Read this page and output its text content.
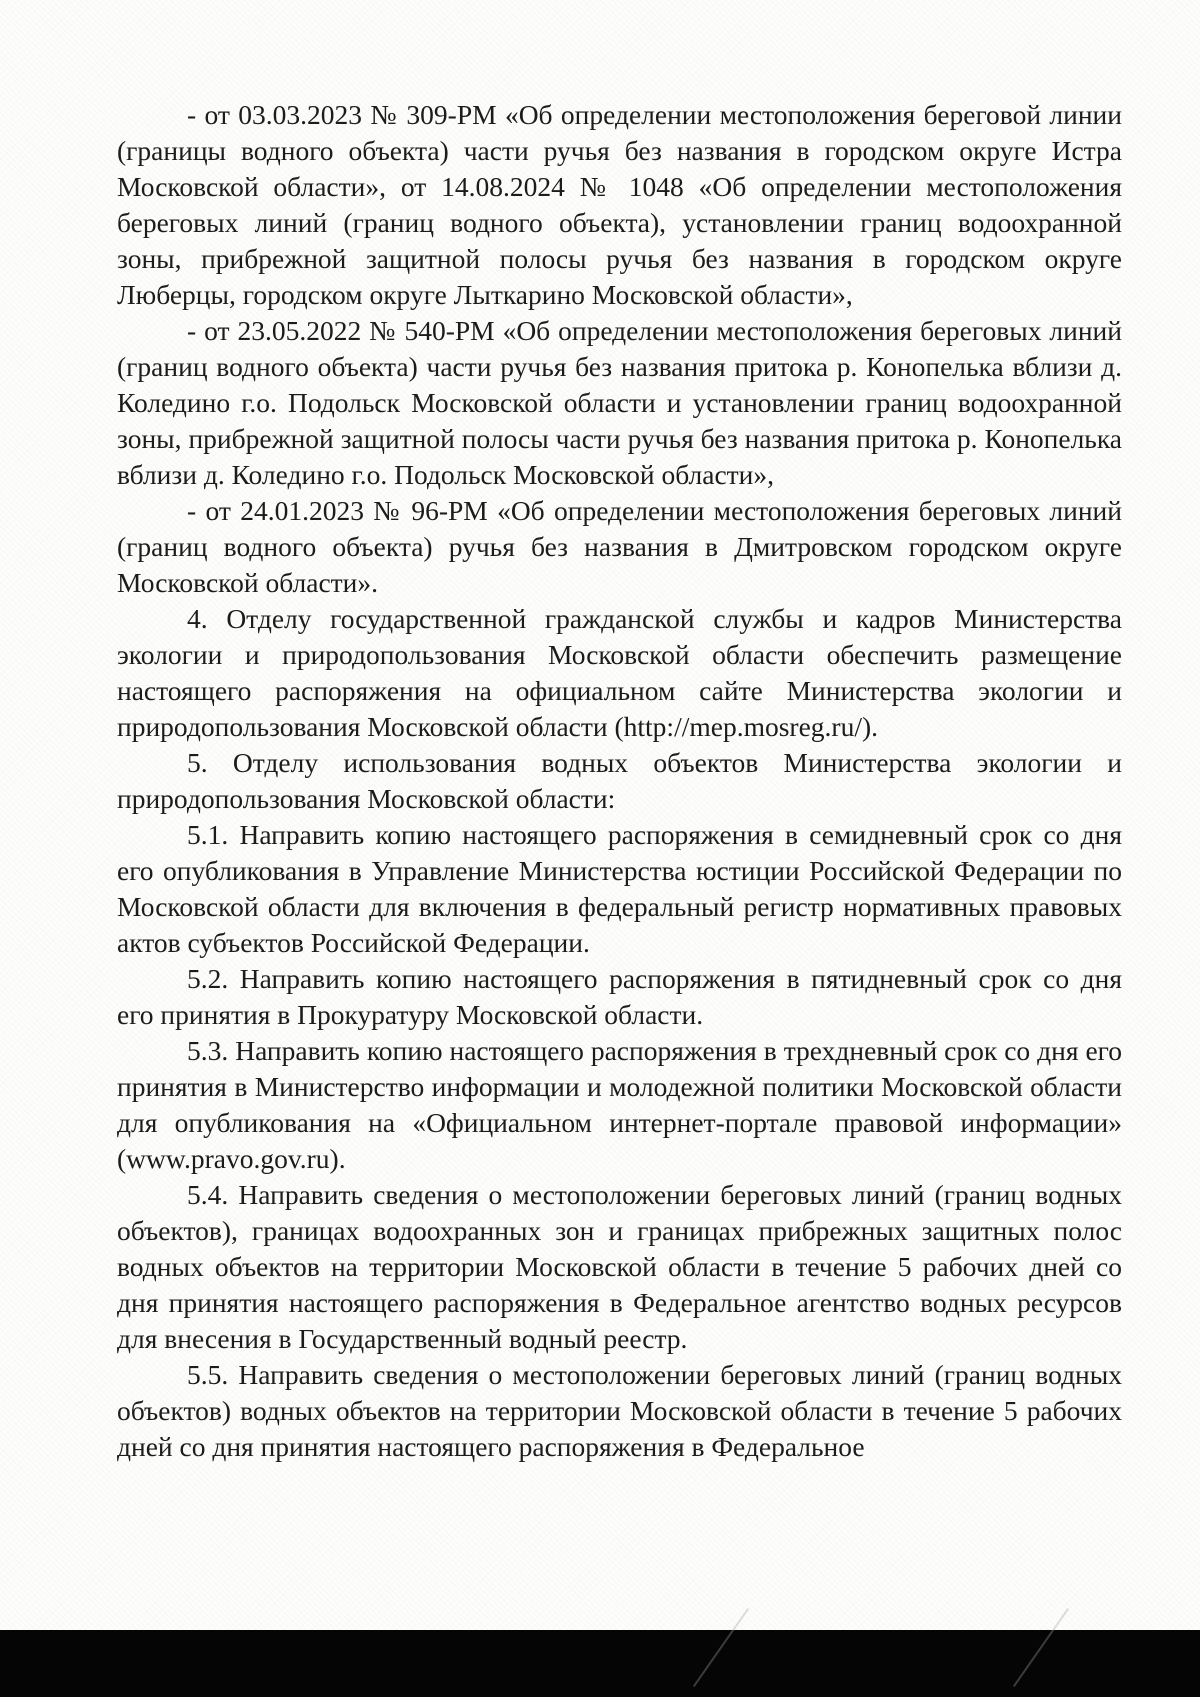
- от 03.03.2023 № 309-РМ «Об определении местоположения береговой линии (границы водного объекта) части ручья без названия в городском округе Истра Московской области», от 14.08.2024 № 1048 «Об определении местоположения береговых линий (границ водного объекта), установлении границ водоохранной зоны, прибрежной защитной полосы ручья без названия в городском округе Люберцы, городском округе Лыткарино Московской области»,

- от 23.05.2022 № 540-РМ «Об определении местоположения береговых линий (границ водного объекта) части ручья без названия притока р. Конопелька вблизи д. Коледино г.о. Подольск Московской области и установлении границ водоохранной зоны, прибрежной защитной полосы части ручья без названия притока р. Конопелька вблизи д. Коледино г.о. Подольск Московской области»,

- от 24.01.2023 № 96-РМ «Об определении местоположения береговых линий (границ водного объекта) ручья без названия в Дмитровском городском округе Московской области».

4. Отделу государственной гражданской службы и кадров Министерства экологии и природопользования Московской области обеспечить размещение настоящего распоряжения на официальном сайте Министерства экологии и природопользования Московской области (http://mep.mosreg.ru/).

5. Отделу использования водных объектов Министерства экологии и природопользования Московской области:

5.1. Направить копию настоящего распоряжения в семидневный срок со дня его опубликования в Управление Министерства юстиции Российской Федерации по Московской области для включения в федеральный регистр нормативных правовых актов субъектов Российской Федерации.

5.2. Направить копию настоящего распоряжения в пятидневный срок со дня его принятия в Прокуратуру Московской области.

5.3. Направить копию настоящего распоряжения в трехдневный срок со дня его принятия в Министерство информации и молодежной политики Московской области для опубликования на «Официальном интернет-портале правовой информации» (www.pravo.gov.ru).

5.4. Направить сведения о местоположении береговых линий (границ водных объектов), границах водоохранных зон и границах прибрежных защитных полос водных объектов на территории Московской области в течение 5 рабочих дней со дня принятия настоящего распоряжения в Федеральное агентство водных ресурсов для внесения в Государственный водный реестр.

5.5. Направить сведения о местоположении береговых линий (границ водных объектов) водных объектов на территории Московской области в течение 5 рабочих дней со дня принятия настоящего распоряжения в Федеральное
